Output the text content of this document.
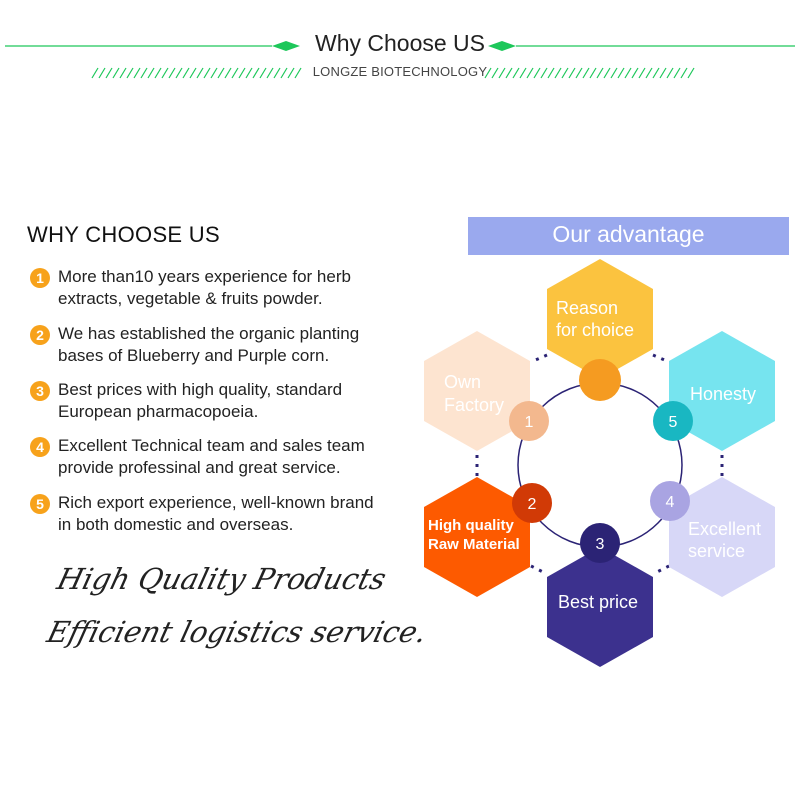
Why Choose US
LONGZE BIOTECHNOLOGY
WHY CHOOSE US
1 More than10 years experience for herb
extracts, vegetable & fruits powder.
2 We has established the organic planting
bases of Blueberry and Purple corn.
3 Best prices with high quality, standard
European pharmacopoeia.
4 Excellent Technical team and sales team
provide professinal and great service.
5 Rich export experience, well-known brand
in both domestic and overseas.
High Quality Products
Efficient logistics service.
Our advantage
Reason
for choice
Own
Factory
Honesty
High quality
Raw Material
Excellent
service
Best price
1
2
3
4
5
